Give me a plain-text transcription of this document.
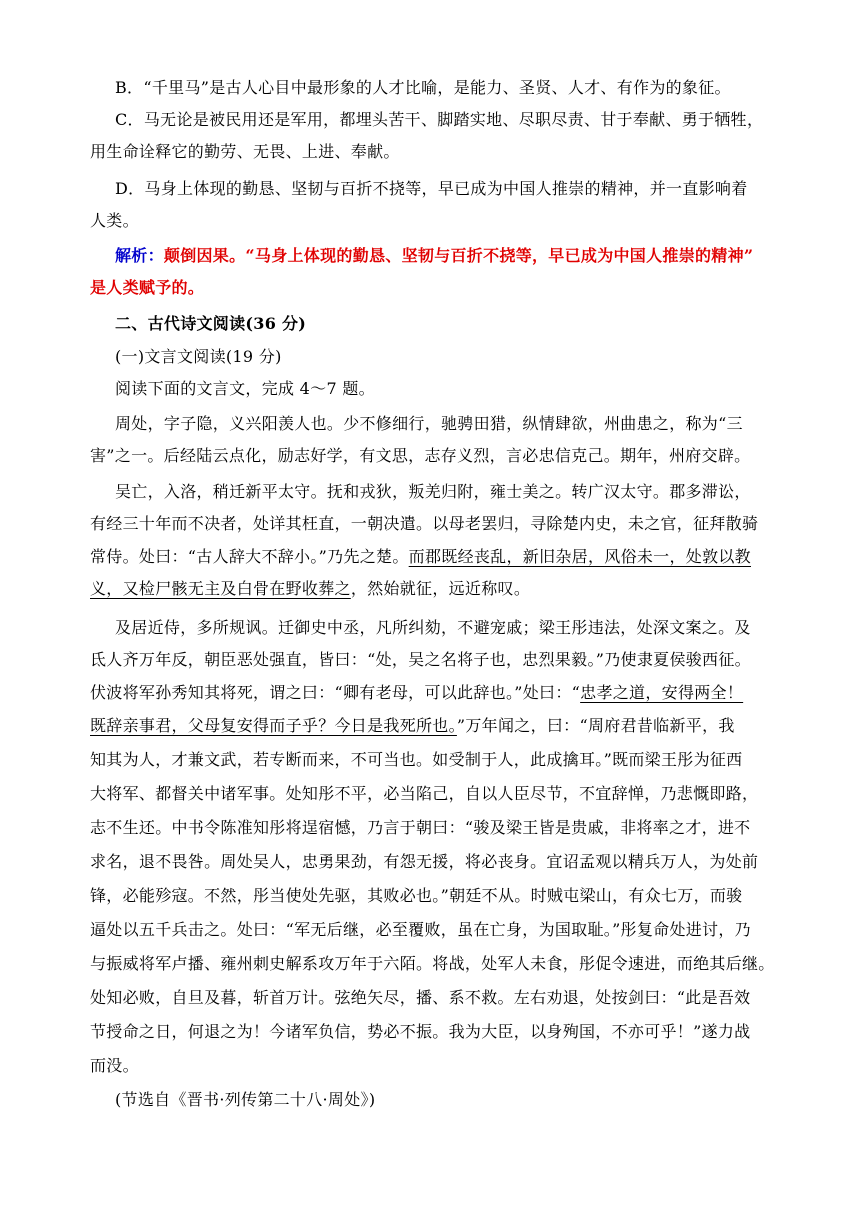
B．“千里马”是古人心目中最形象的人才比喻，是能力、圣贤、人才、有作为的象征。
C．马无论是被民用还是军用，都埋头苦干、脚踏实地、尽职尽责、甘于奉献、勇于牺牲，
用生命诠释它的勤劳、无畏、上进、奉献。
D．马身上体现的勤恳、坚韧与百折不挠等，早已成为中国人推崇的精神，并一直影响着
人类。
解析：颠倒因果。“马身上体现的勤恳、坚韧与百折不挠等，早已成为中国人推崇的精神”
是人类赋予的。
二、古代诗文阅读(36 分)
(一)文言文阅读(19 分)
阅读下面的文言文，完成 4～7 题。
周处，字子隐，义兴阳羡人也。少不修细行，驰骋田猎，纵情肆欲，州曲患之，称为“三
害”之一。后经陆云点化，励志好学，有文思，志存义烈，言必忠信克己。期年，州府交辟。
吴亡，入洛，稍迁新平太守。抚和戎狄，叛羌归附，雍士美之。转广汉太守。郡多滞讼，
有经三十年而不决者，处详其枉直，一朝决遣。以母老罢归，寻除楚内史，未之官，征拜散骑
常侍。处曰：“古人辞大不辞小。”乃先之楚。而郡既经丧乱，新旧杂居，风俗未一，处敦以教
义，又检尸骸无主及白骨在野收葬之，然始就征，远近称叹。
及居近侍，多所规讽。迁御史中丞，凡所纠劾，不避宠戚；梁王彤违法，处深文案之。及
氐人齐万年反，朝臣恶处强直，皆曰：“处，吴之名将子也，忠烈果毅。”乃使隶夏侯骏西征。
伏波将军孙秀知其将死，谓之曰：“卿有老母，可以此辞也。”处曰：“忠孝之道，安得两全！
既辞亲事君，父母复安得而子乎？今日是我死所也。”万年闻之，曰：“周府君昔临新平，我
知其为人，才兼文武，若专断而来，不可当也。如受制于人，此成擒耳。”既而梁王彤为征西
大将军、都督关中诸军事。处知彤不平，必当陷己，自以人臣尽节，不宜辞惮，乃悲慨即路，
志不生还。中书令陈准知彤将逞宿憾，乃言于朝曰：“骏及梁王皆是贵戚，非将率之才，进不
求名，退不畏咎。周处吴人，忠勇果劲，有怨无援，将必丧身。宜诏孟观以精兵万人，为处前
锋，必能殄寇。不然，彤当使处先驱，其败必也。”朝廷不从。时贼屯梁山，有众七万，而骏
逼处以五千兵击之。处曰：“军无后继，必至覆败，虽在亡身，为国取耻。”彤复命处进讨，乃
与振威将军卢播、雍州刺史解系攻万年于六陌。将战，处军人未食，彤促令速进，而绝其后继。
处知必败，自旦及暮，斩首万计。弦绝矢尽，播、系不救。左右劝退，处按剑曰：“此是吾效
节授命之日，何退之为！今诸军负信，势必不振。我为大臣，以身殉国，不亦可乎！”遂力战
而没。
(节选自《晋书·列传第二十八·周处》)
